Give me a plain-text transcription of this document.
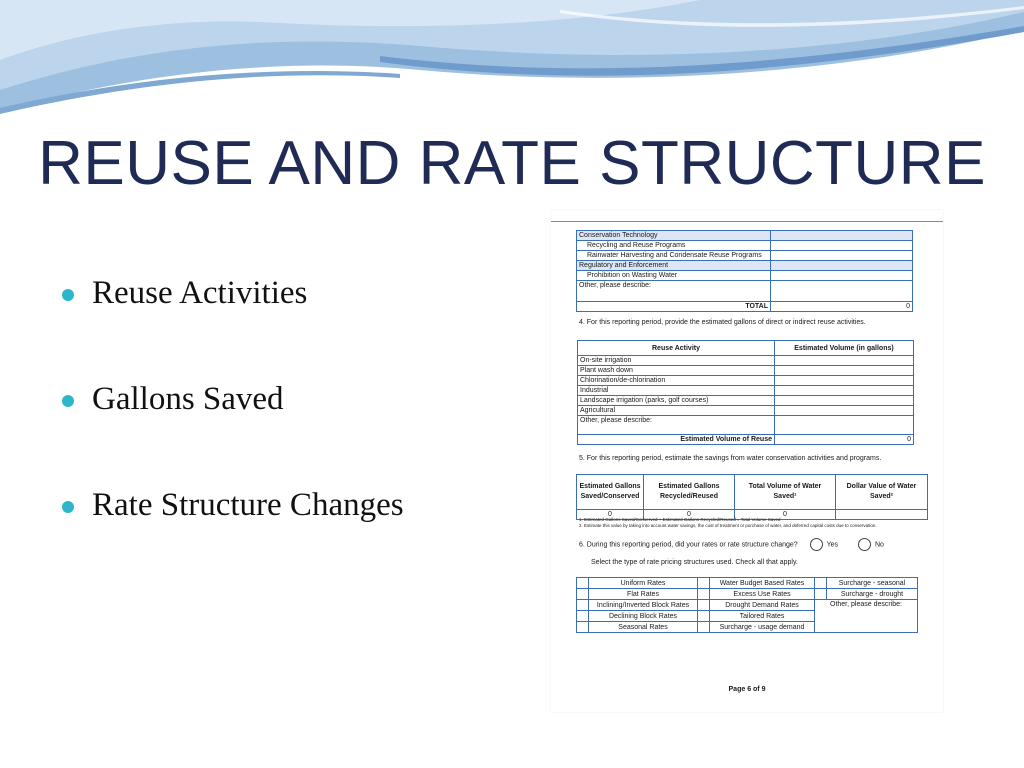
REUSE AND RATE STRUCTURE
Reuse Activities
Gallons Saved
Rate Structure Changes
Conservation Technology	
Recycling and Reuse Programs	
Rainwater Harvesting and Condensate Reuse Programs	
Regulatory and Enforcement	
Prohibition on Wasting Water	
Other, please describe:	
TOTAL	0
4. For this reporting period, provide the estimated gallons of direct or indirect reuse activities.
Reuse Activity	Estimated Volume (in gallons)
On-site irrigation	
Plant wash down	
Chlorination/de-chlorination	
Industrial	
Landscape irrigation (parks, golf courses)	
Agricultural	
Other, please describe:	
Estimated Volume of Reuse	0
5. For this reporting period, estimate the savings from water conservation activities and programs.
Estimated Gallons Saved/Conserved	Estimated Gallons Recycled/Reused	Total Volume of Water Saved¹	Dollar Value of Water Saved²
0	0	0	
1. Estimated Gallons Saved/Conserved + Estimated Gallons Recycled/Reused = Total Volume Saved
2. Estimate this value by taking into account water savings, the cost of treatment or purchase of water, and deferred capital costs due to conservation.
6. During this reporting period, did your rates or rate structure change?	Yes	No
Select the type of rate pricing structures used. Check all that apply.
	Uniform Rates		Water Budget Based Rates		Surcharge - seasonal
	Flat Rates		Excess Use Rates		Surcharge - drought
	Inclining/Inverted Block Rates		Drought Demand Rates	Other, please describe:	
	Declining Block Rates		Tailored Rates		
	Seasonal Rates		Surcharge - usage demand		
Page 6 of 9
